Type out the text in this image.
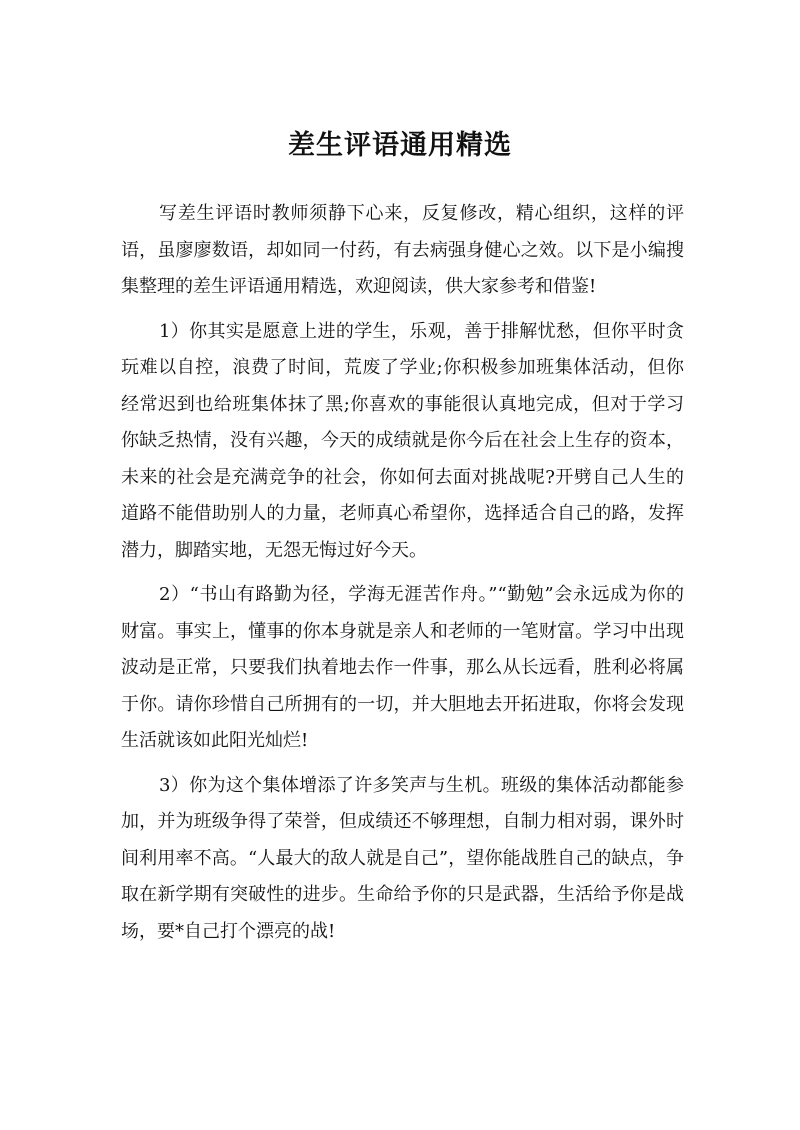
差生评语通用精选

写差生评语时教师须静下心来，反复修改，精心组织，这样的评语，虽廖廖数语，却如同一付药，有去病强身健心之效。以下是小编搜集整理的差生评语通用精选，欢迎阅读，供大家参考和借鉴!

1）你其实是愿意上进的学生，乐观，善于排解忧愁，但你平时贪玩难以自控，浪费了时间，荒废了学业;你积极参加班集体活动，但你经常迟到也给班集体抹了黑;你喜欢的事能很认真地完成，但对于学习你缺乏热情，没有兴趣，今天的成绩就是你今后在社会上生存的资本，未来的社会是充满竞争的社会，你如何去面对挑战呢?开劈自己人生的道路不能借助别人的力量，老师真心希望你，选择适合自己的路，发挥潜力，脚踏实地，无怨无悔过好今天。

2）“书山有路勤为径，学海无涯苦作舟。”“勤勉”会永远成为你的财富。事实上，懂事的你本身就是亲人和老师的一笔财富。学习中出现波动是正常，只要我们执着地去作一件事，那么从长远看，胜利必将属于你。请你珍惜自己所拥有的一切，并大胆地去开拓进取，你将会发现生活就该如此阳光灿烂!

3）你为这个集体增添了许多笑声与生机。班级的集体活动都能参加，并为班级争得了荣誉，但成绩还不够理想，自制力相对弱，课外时间利用率不高。“人最大的敌人就是自己”，望你能战胜自己的缺点，争取在新学期有突破性的进步。生命给予你的只是武器，生活给予你是战场，要*自己打个漂亮的战!
